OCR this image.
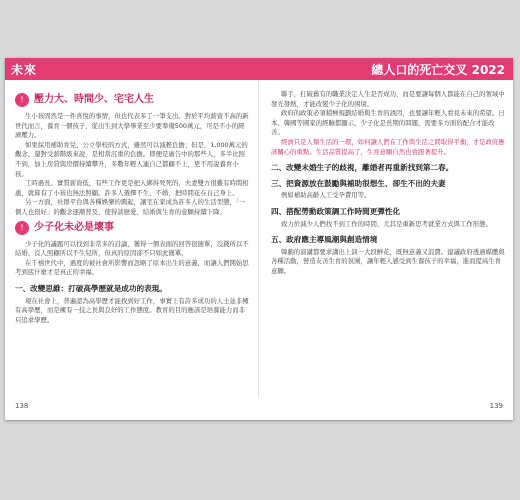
未來	總人口的死亡交叉 2022
!	壓力大、時間少、宅宅人生

生小孩固然是一件喜悅的事情，但也代表多了一筆支出。對於平均薪資不高的新世代而言，養育一個孩子，從出生到大學畢業至少要準備500萬元，可是不小的經濟壓力。

如果採用補助育兒、公立學校的方式，雖然可以減輕負擔；但是，1,000萬元的觀念，還對受薪階級來說，是相當沉重的負擔。即便是廣告中的那些人，多半比照不到，加上房貸與房價持續攀升，多數年輕人連自己都顧不上，更不用說養育小孩。

工時過長、實質薪資低，有些工作更是把人綁得死死的，夫妻雙方很難有時間相處，就算有了小孩也無法照顧。許多人選擇不生、不婚，把時間花在自己身上。

另一方面，社群平台與各種娛樂的興起，讓宅在家成為許多人的生活型態，「一個人也很好」的觀念逐漸普及，使得談戀愛、結婚與生育的意願持續下降。

!	少子化未必是壞事

少子化的議題可以找到非常多的討論，獲得一個表面的回答很簡單，沒錢所以不結婚、沒人照顧所以不生兒所，但真的原因卻不只如此簡單。

在千禧世代中，過度的被社會所影響而忽略了原本出生的意義，而讓人們開始思考到底什麼才是真正的幸福。

一、改變思維：打破高學歷就是成功的表現。

現在社會上，普遍認為高學歷才能找到好工作，事實上有許多成功的人士並非擁有高學歷，而是擁有一技之長與良好的工作態度。教育的目的應該是培養能力而非只追求學歷。

聯手，打破舊有的職業決定人生是否成功，而是要讓每個人都能在自己的領域中發光發熱，才能改變少子化的困境。

政府的政策必須積極規劃結婚與生育的誘因，也要讓年輕人看見未來的希望。日本、韓國等國家的經驗都顯示，少子化是長期的問題，需要多方面的配合才能改善。

經濟只是人類生活的一環，如何讓人們在工作與生活之間取得平衡，才是政府應該關心的重點。生活品質提高了，生育意願自然也會跟著提升。

二、改變未婚生子的歧視，離婚者再重新找到第二春。
三、把資源放在鼓勵與補助很想生、卻生不出的夫妻

例如補助高齡人工受孕費用等。

四、搭配勞動政策調工作時間更彈性化

致力於減少人們找不到工作的時間，尤其是重新思考就業方式與工作形態。

五、政府應主導風潮與創造情境

韓劇的演講都要求講出上演一大段鮮花，既無意義又浪費。建議政府透過媒體與各種活動，營造友善生育的氛圍，讓年輕人感受到生養孩子的幸福，進而提高生育意願。

138	139
